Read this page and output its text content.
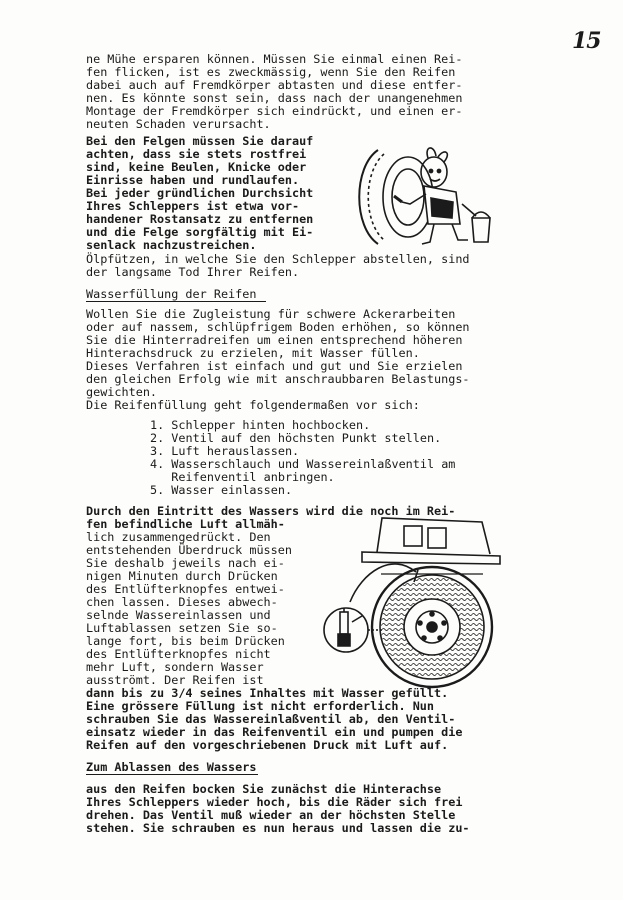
15
ne Mühe ersparen können. Müssen Sie einmal einen Rei-
fen flicken, ist es zweckmässig, wenn Sie den Reifen
dabei auch auf Fremdkörper abtasten und diese entfer-
nen. Es könnte sonst sein, dass nach der unangenehmen
Montage der Fremdkörper sich eindrückt, und einen er-
neuten Schaden verursacht.
Bei den Felgen müssen Sie darauf
achten, dass sie stets rostfrei
sind, keine Beulen, Knicke oder
Einrisse haben und rundlaufen.
Bei jeder gründlichen Durchsicht
Ihres Schleppers ist etwa vor-
handener Rostansatz zu entfernen
und die Felge sorgfältig mit Ei-
senlack nachzustreichen.
Ölpfützen, in welche Sie den Schlepper abstellen, sind
der langsame Tod Ihrer Reifen.
Wasserfüllung der Reifen
Wollen Sie die Zugleistung für schwere Ackerarbeiten
oder auf nassem, schlüpfrigem Boden erhöhen, so können
Sie die Hinterradreifen um einen entsprechend höheren
Hinterachsdruck zu erzielen, mit Wasser füllen.
Dieses Verfahren ist einfach und gut und Sie erzielen
den gleichen Erfolg wie mit anschraubbaren Belastungs-
gewichten.
Die Reifenfüllung geht folgendermaßen vor sich:
1. Schlepper hinten hochbocken.
2. Ventil auf den höchsten Punkt stellen.
3. Luft herauslassen.
4. Wasserschlauch und Wassereinlaßventil am
Reifenventil anbringen.
5. Wasser einlassen.
Durch den Eintritt des Wassers wird die noch im Rei-
fen befindliche Luft allmäh-
lich zusammengedrückt. Den
entstehenden Überdruck müssen
Sie deshalb jeweils nach ei-
nigen Minuten durch Drücken
des Entlüfterknopfes entwei-
chen lassen. Dieses abwech-
selnde Wassereinlassen und
Luftablassen setzen Sie so-
lange fort, bis beim Drücken
des Entlüfterknopfes nicht
mehr Luft, sondern Wasser
ausströmt. Der Reifen ist
dann bis zu 3/4 seines Inhaltes mit Wasser gefüllt.
Eine grössere Füllung ist nicht erforderlich. Nun
schrauben Sie das Wassereinlaßventil ab, den Ventil-
einsatz wieder in das Reifenventil ein und pumpen die
Reifen auf den vorgeschriebenen Druck mit Luft auf.
Zum Ablassen des Wassers
aus den Reifen bocken Sie zunächst die Hinterachse
Ihres Schleppers wieder hoch, bis die Räder sich frei
drehen. Das Ventil muß wieder an der höchsten Stelle
stehen. Sie schrauben es nun heraus und lassen die zu-
